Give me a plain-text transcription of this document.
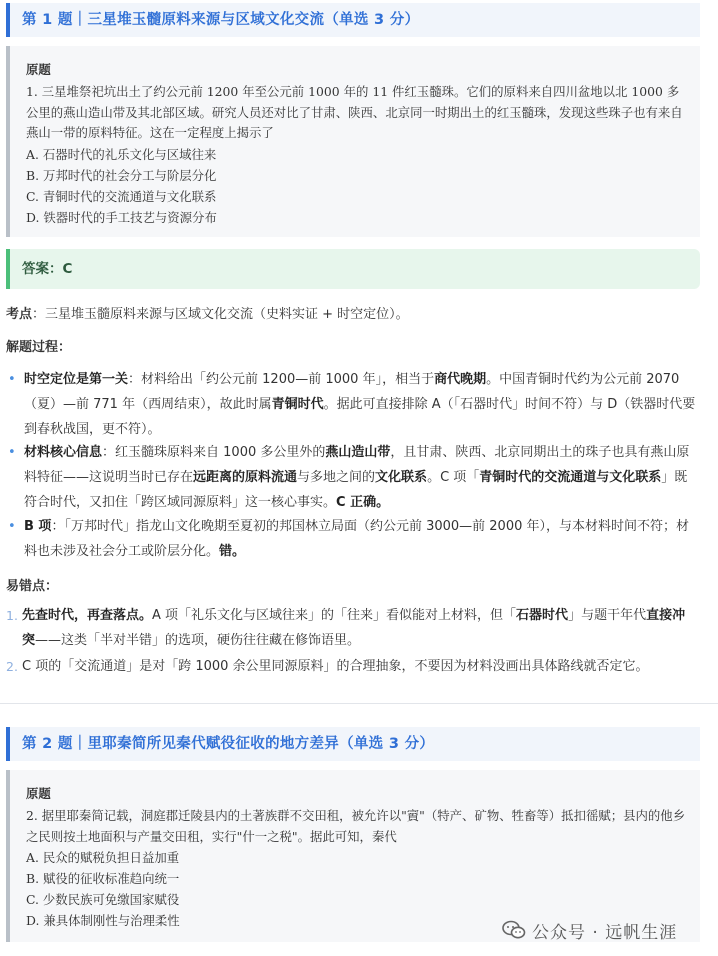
第 1 题｜三星堆玉髓原料来源与区域文化交流（单选 3 分）
原题
1. 三星堆祭祀坑出土了约公元前 1200 年至公元前 1000 年的 11 件红玉髓珠。它们的原料来自四川盆地以北 1000 多公里的燕山造山带及其北部区域。研究人员还对比了甘肃、陕西、北京同一时期出土的红玉髓珠，发现这些珠子也有来自燕山一带的原料特征。这在一定程度上揭示了
A. 石器时代的礼乐文化与区域往来
B. 万邦时代的社会分工与阶层分化
C. 青铜时代的交流通道与文化联系
D. 铁器时代的手工技艺与资源分布
答案：C
考点：三星堆玉髓原料来源与区域文化交流（史料实证 + 时空定位）。
解题过程：
• 时空定位是第一关：材料给出「约公元前 1200—前 1000 年」，相当于商代晚期。中国青铜时代约为公元前 2070（夏）—前 771 年（西周结束），故此时属青铜时代。据此可直接排除 A（「石器时代」时间不符）与 D（铁器时代要到春秋战国，更不符）。
• 材料核心信息：红玉髓珠原料来自 1000 多公里外的燕山造山带，且甘肃、陕西、北京同期出土的珠子也具有燕山原料特征——这说明当时已存在远距离的原料流通与多地之间的文化联系。C 项「青铜时代的交流通道与文化联系」既符合时代，又扣住「跨区域同源原料」这一核心事实。C 正确。
• B 项：「万邦时代」指龙山文化晚期至夏初的邦国林立局面（约公元前 3000—前 2000 年），与本材料时间不符；材料也未涉及社会分工或阶层分化。错。
易错点：
1. 先查时代，再查落点。A 项「礼乐文化与区域往来」的「往来」看似能对上材料，但「石器时代」与题干年代直接冲突——这类「半对半错」的选项，硬伤往往藏在修饰语里。
2. C 项的「交流通道」是对「跨 1000 余公里同源原料」的合理抽象，不要因为材料没画出具体路线就否定它。
第 2 题｜里耶秦简所见秦代赋役征收的地方差异（单选 3 分）
原题
2. 据里耶秦简记载，洞庭郡迁陵县内的土著族群不交田租，被允许以"賨"（特产、矿物、牲畜等）抵扣徭赋；县内的他乡之民则按土地面积与产量交田租，实行"什一之税"。据此可知，秦代
A. 民众的赋税负担日益加重
B. 赋役的征收标准趋向统一
C. 少数民族可免缴国家赋役
D. 兼具体制刚性与治理柔性
公众号 · 远帆生涯
